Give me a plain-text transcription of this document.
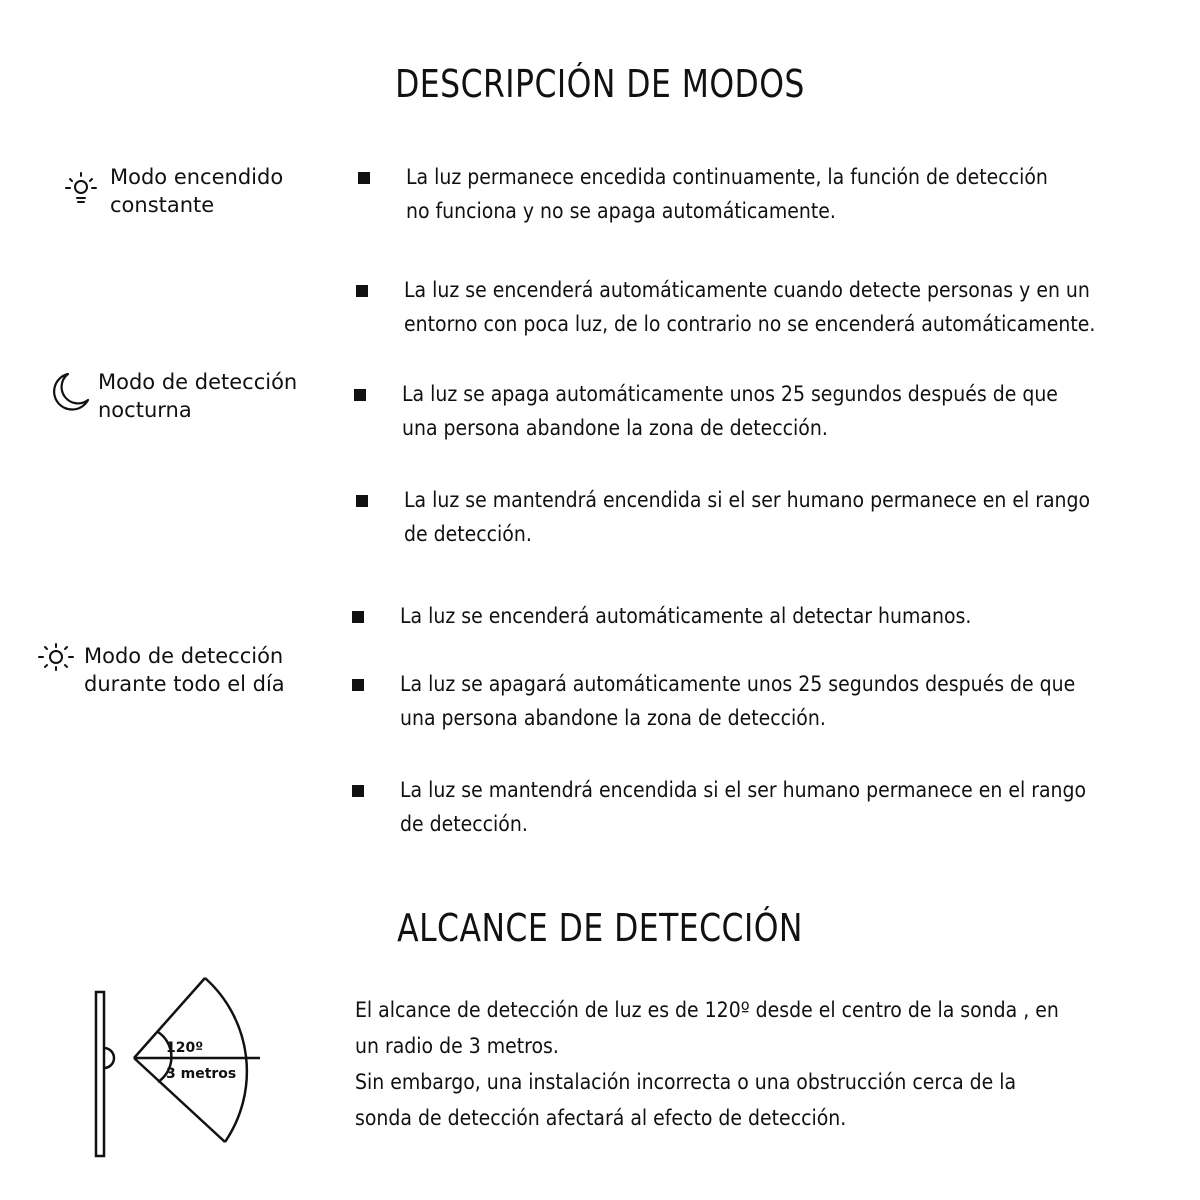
DESCRIPCIÓN DE MODOS
Modo encendido
constante
La luz permanece encedida continuamente, la función de detección
no funciona y no se apaga automáticamente.
Modo de detección
nocturna
La luz se encenderá automáticamente cuando detecte personas y en un
entorno con poca luz, de lo contrario no se encenderá automáticamente.
La luz se apaga automáticamente unos 25 segundos después de que
una persona abandone la zona de detección.
La luz se mantendrá encendida si el ser humano permanece en el rango
de detección.
Modo de detección
durante todo el día
La luz se encenderá automáticamente al detectar humanos.
La luz se apagará automáticamente unos 25 segundos después de que
una persona abandone la zona de detección.
La luz se mantendrá encendida si el ser humano permanece en el rango
de detección.
ALCANCE DE DETECCIÓN
120º
3 metros
El alcance de detección de luz es de 120º desde el centro de la sonda , en
un radio de 3 metros.
Sin embargo, una instalación incorrecta o una obstrucción cerca de la
sonda de detección afectará al efecto de detección.
